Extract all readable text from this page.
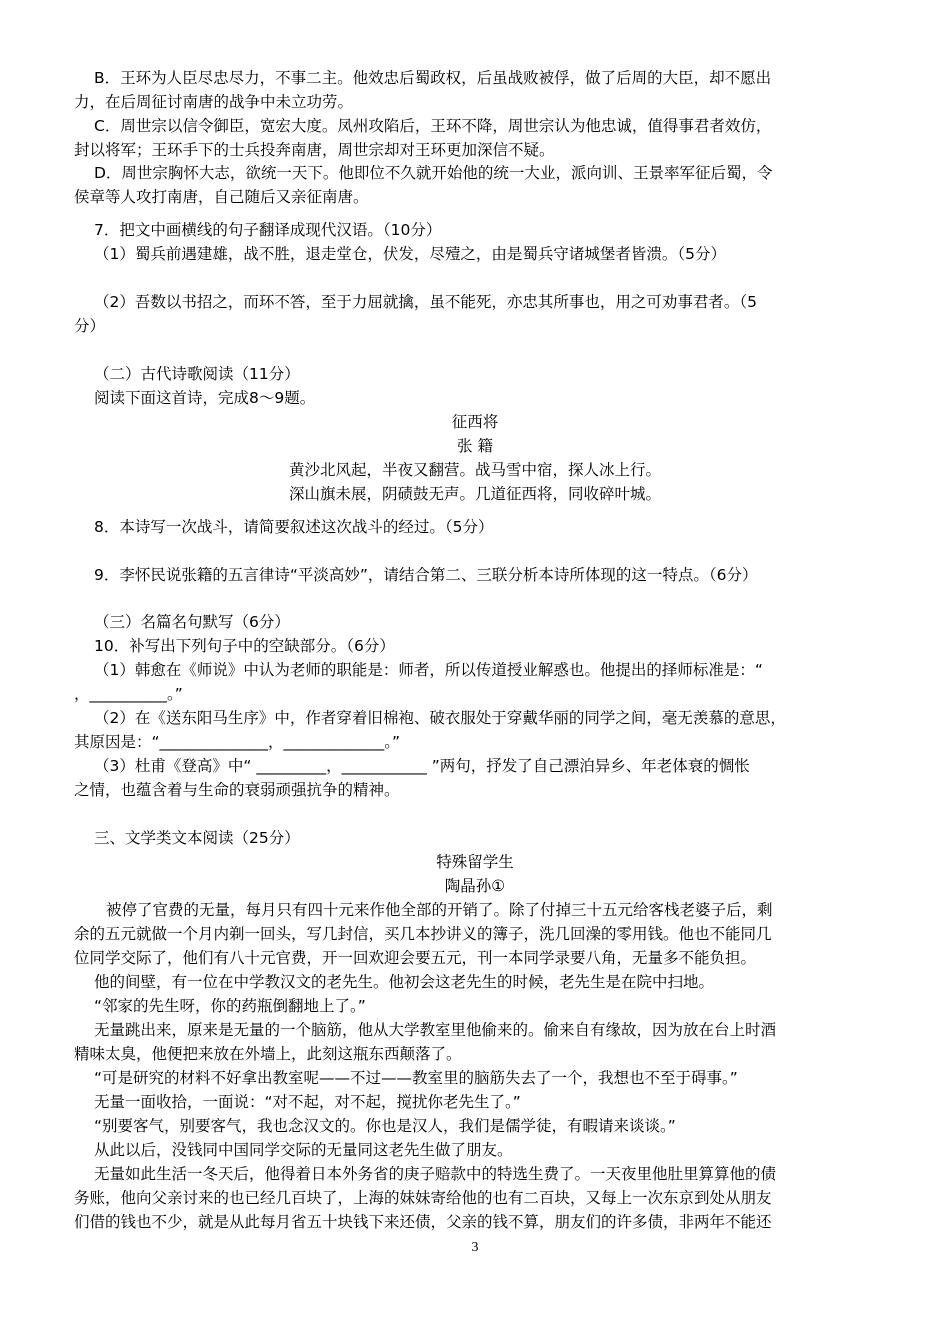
B．王环为人臣尽忠尽力，不事二主。他效忠后蜀政权，后虽战败被俘，做了后周的大臣，却不愿出
力，在后周征讨南唐的战争中未立功劳。
C．周世宗以信令御臣，宽宏大度。凤州攻陷后，王环不降，周世宗认为他忠诚，值得事君者效仿，
封以将军；王环手下的士兵投奔南唐，周世宗却对王环更加深信不疑。
D．周世宗胸怀大志，欲统一天下。他即位不久就开始他的统一大业，派向训、王景率军征后蜀，令
侯章等人攻打南唐，自己随后又亲征南唐。
7．把文中画横线的句子翻译成现代汉语。（10分）
（1）蜀兵前遇建雄，战不胜，退走堂仓，伏发，尽殪之，由是蜀兵守诸城堡者皆溃。（5分）
（2）吾数以书招之，而环不答，至于力屈就擒，虽不能死，亦忠其所事也，用之可劝事君者。（5
分）
（二）古代诗歌阅读（11分）
阅读下面这首诗，完成8～9题。
征西将
张 籍
黄沙北风起，半夜又翻营。战马雪中宿，探人冰上行。
深山旗未展，阴碛鼓无声。几道征西将，同收碎叶城。
8．本诗写一次战斗，请简要叙述这次战斗的经过。（5分）
9．李怀民说张籍的五言律诗“平淡高妙”，请结合第二、三联分析本诗所体现的这一特点。（6分）
（三）名篇名句默写（6分）
10．补写出下列句子中的空缺部分。（6分）
（1）韩愈在《师说》中认为老师的职能是：师者，所以传道授业解惑也。他提出的择师标准是：“
，__________。”
（2）在《送东阳马生序》中，作者穿着旧棉袍、破衣服处于穿戴华丽的同学之间，毫无羡慕的意思，
其原因是：“______________，_____________。”
（3）杜甫《登高》中“ _________，___________ ”两句，抒发了自己漂泊异乡、年老体衰的惆怅
之情，也蕴含着与生命的衰弱顽强抗争的精神。
三、文学类文本阅读（25分）
特殊留学生
陶晶孙①
被停了官费的无量，每月只有四十元来作他全部的开销了。除了付掉三十五元给客栈老婆子后，剩
余的五元就做一个月内剃一回头，写几封信，买几本抄讲义的簿子，洗几回澡的零用钱。他也不能同几
位同学交际了，他们有八十元官费，开一回欢迎会要五元，刊一本同学录要八角，无量多不能负担。
他的间壁，有一位在中学教汉文的老先生。他初会这老先生的时候，老先生是在院中扫地。
“邻家的先生呀，你的药瓶倒翻地上了。”
无量跳出来，原来是无量的一个脑筋，他从大学教室里他偷来的。偷来自有缘故，因为放在台上时酒
精味太臭，他便把来放在外墙上，此刻这瓶东西颠落了。
“可是研究的材料不好拿出教室呢——不过——教室里的脑筋失去了一个，我想也不至于碍事。”
无量一面收拾，一面说：“对不起，对不起，搅扰你老先生了。”
“别要客气，别要客气，我也念汉文的。你也是汉人，我们是儒学徒，有暇请来谈谈。”
从此以后，没钱同中国同学交际的无量同这老先生做了朋友。
无量如此生活一冬天后，他得着日本外务省的庚子赔款中的特选生费了。一天夜里他肚里算算他的债
务账，他向父亲讨来的也已经几百块了，上海的妹妹寄给他的也有二百块，又每上一次东京到处从朋友
们借的钱也不少，就是从此每月省五十块钱下来还债，父亲的钱不算，朋友们的许多债，非两年不能还
3
